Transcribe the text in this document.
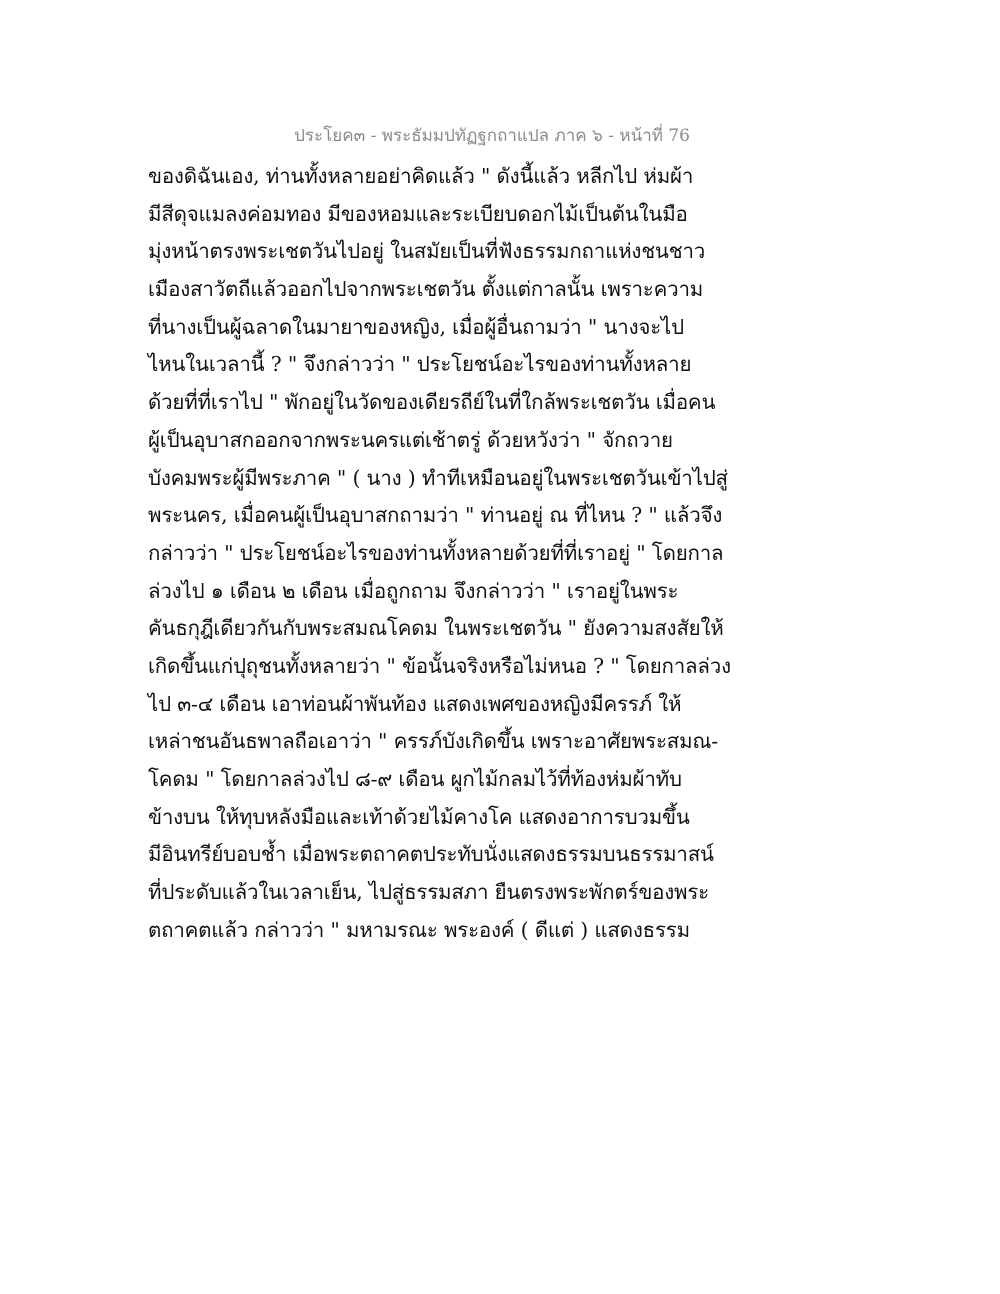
ประโยค๓ - พระธัมมปทัฏฐกถาแปล ภาค ๖ - หน้าที่ 76
ของดิฉันเอง, ท่านทั้งหลายอย่าคิดแล้ว " ดังนี้แล้ว หลีกไป ห่มผ้า
มีสีดุจแมลงค่อมทอง มีของหอมและระเบียบดอกไม้เป็นต้นในมือ
มุ่งหน้าตรงพระเชตวันไปอยู่ ในสมัยเป็นที่ฟังธรรมกถาแห่งชนชาว
เมืองสาวัตถีแล้วออกไปจากพระเชตวัน ตั้งแต่กาลนั้น เพราะความ
ที่นางเป็นผู้ฉลาดในมายาของหญิง, เมื่อผู้อื่นถามว่า " นางจะไป
ไหนในเวลานี้ ? " จึงกล่าวว่า " ประโยชน์อะไรของท่านทั้งหลาย
ด้วยที่ที่เราไป " พักอยู่ในวัดของเดียรถีย์ในที่ใกล้พระเชตวัน เมื่อคน
ผู้เป็นอุบาสกออกจากพระนครแต่เช้าตรู่ ด้วยหวังว่า " จักถวาย
บังคมพระผู้มีพระภาค " ( นาง ) ทำทีเหมือนอยู่ในพระเชตวันเข้าไปสู่
พระนคร, เมื่อคนผู้เป็นอุบาสกถามว่า " ท่านอยู่ ณ ที่ไหน ? " แล้วจึง
กล่าวว่า " ประโยชน์อะไรของท่านทั้งหลายด้วยที่ที่เราอยู่ " โดยกาล
ล่วงไป ๑ เดือน ๒ เดือน เมื่อถูกถาม จึงกล่าวว่า " เราอยู่ในพระ
คันธกุฎีเดียวกันกับพระสมณโคดม ในพระเชตวัน " ยังความสงสัยให้
เกิดขึ้นแก่ปุถุชนทั้งหลายว่า " ข้อนั้นจริงหรือไม่หนอ ? " โดยกาลล่วง
ไป ๓-๔ เดือน เอาท่อนผ้าพันท้อง แสดงเพศของหญิงมีครรภ์ ให้
เหล่าชนอันธพาลถือเอาว่า " ครรภ์บังเกิดขึ้น เพราะอาศัยพระสมณ-
โคดม " โดยกาลล่วงไป ๘-๙ เดือน ผูกไม้กลมไว้ที่ท้องห่มผ้าทับ
ข้างบน ให้ทุบหลังมือและเท้าด้วยไม้คางโค แสดงอาการบวมขึ้น
มีอินทรีย์บอบช้ำ เมื่อพระตถาคตประทับนั่งแสดงธรรมบนธรรมาสน์
ที่ประดับแล้วในเวลาเย็น, ไปสู่ธรรมสภา ยืนตรงพระพักตร์ของพระ
ตถาคตแล้ว กล่าวว่า " มหามรณะ พระองค์ ( ดีแต่ ) แสดงธรรม
